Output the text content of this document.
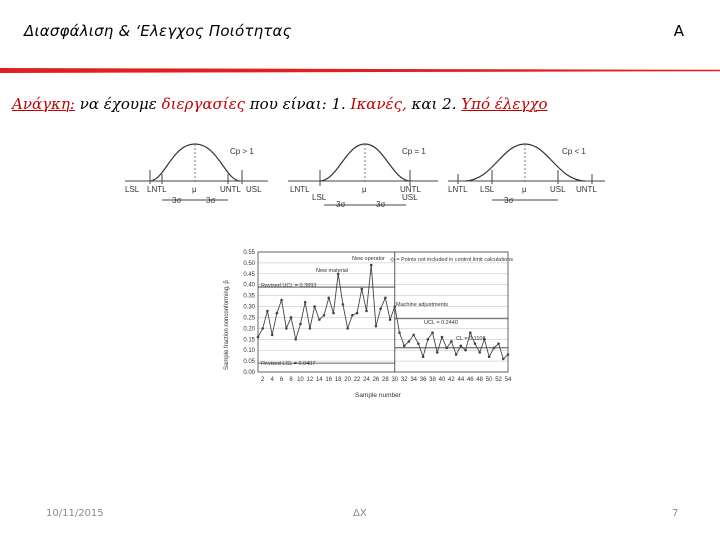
Διασφάλιση & ‘Ελεγχος Ποιότητας	A
Ανάγκη: να έχουμε διεργασίες που είναι: 1. Ικανές, και 2. Υπό έλεγχο
Cp > 1
LSL LNTL	μ	UNTL USL
3σ	3σ
Cp = 1
LNTL
LSL
μ	UNTL
USL
3σ	3σ
Cp < 1
LNTL LSL	μ	USL UNTL
3σ
0.55
0.50
0.45
0.40
0.35
0.30
0.25
0.20
0.15
0.10
0.05
0.00
2 4 6 8 10 12 14 16 18 20 22 24 26 28 30 32 34 36 38 40 42 44 46 48 50 52 54
Sample fraction nonconforming, p̂
Sample number
◎ = Points not included in control limit calculations
New operator
New material
Revised UCL = 0.3893
Revised LCL = 0.0407
Machine adjustments
UCL = 0.2440
CL = 0.1108
10/11/2015	ΔΧ	7
